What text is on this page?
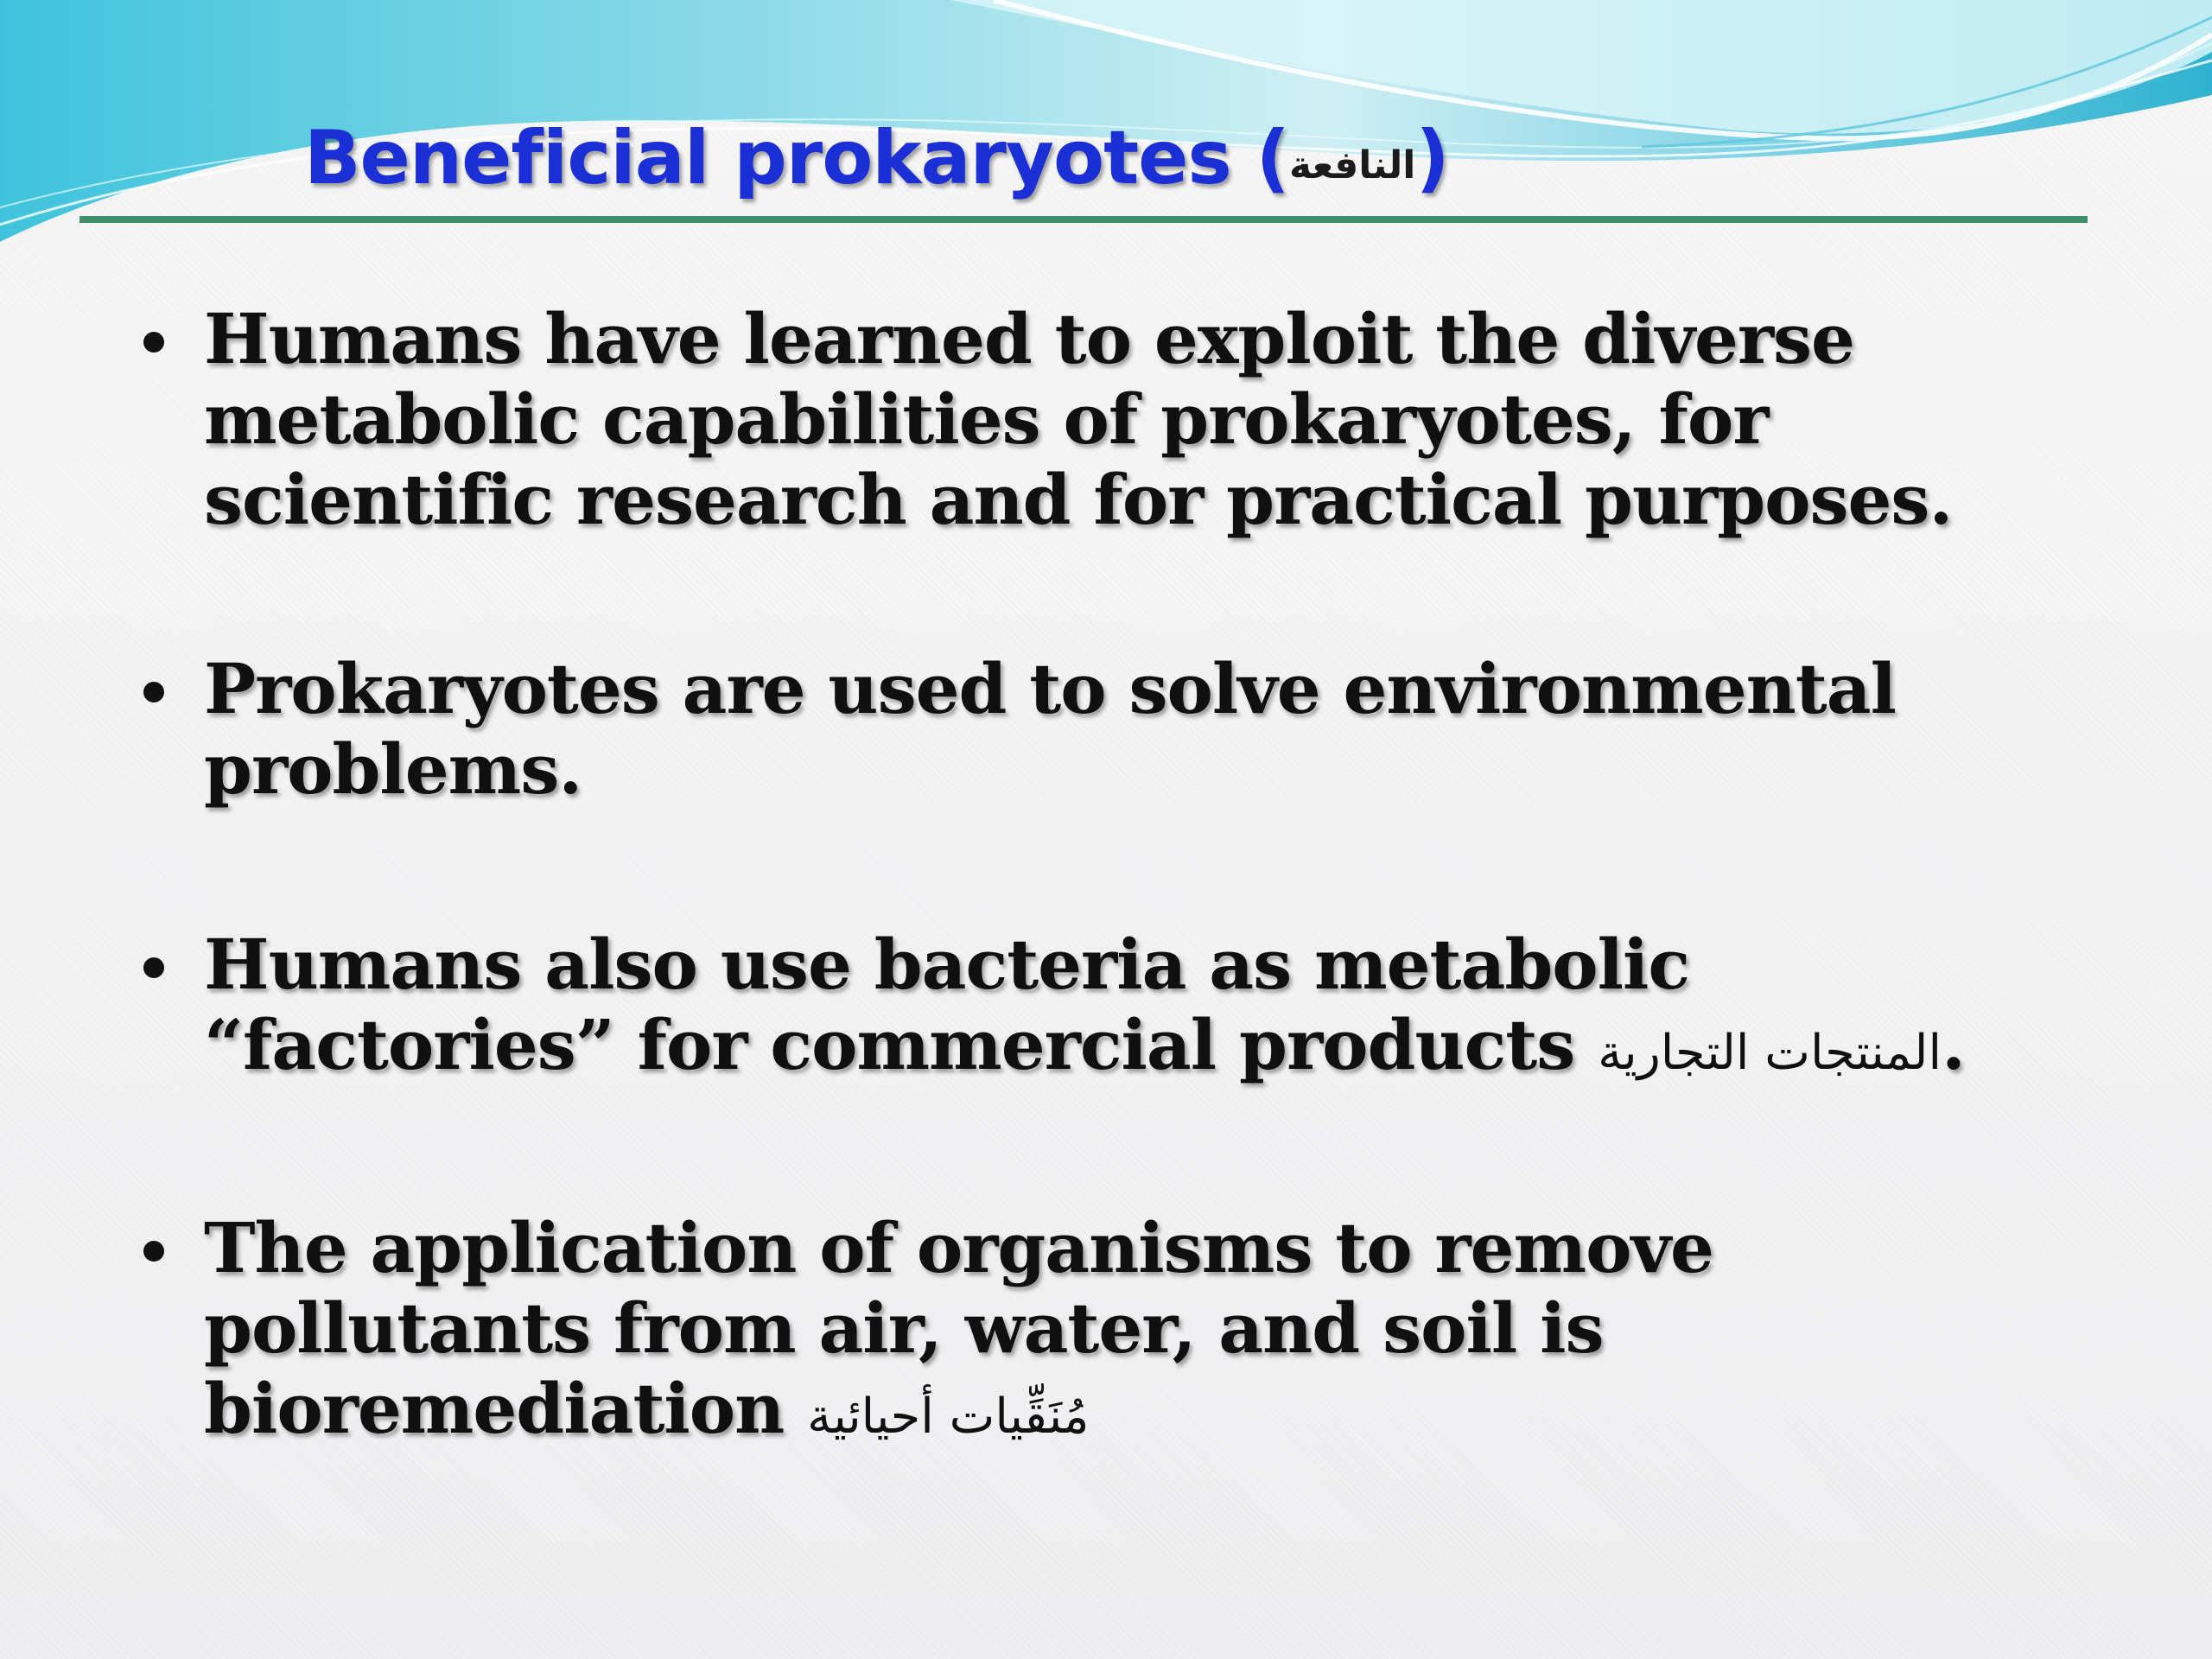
Beneficial prokaryotes (النافعة)
Humans have learned to exploit the diverse metabolic capabilities of prokaryotes, for scientific research and for practical purposes.
Prokaryotes are used to solve environmental problems.
Humans also use bacteria as metabolic “factories” for commercial products المنتجات التجارية.
The application of organisms to remove pollutants from air, water, and soil is bioremediation مُنَقِّيات أحيائية
